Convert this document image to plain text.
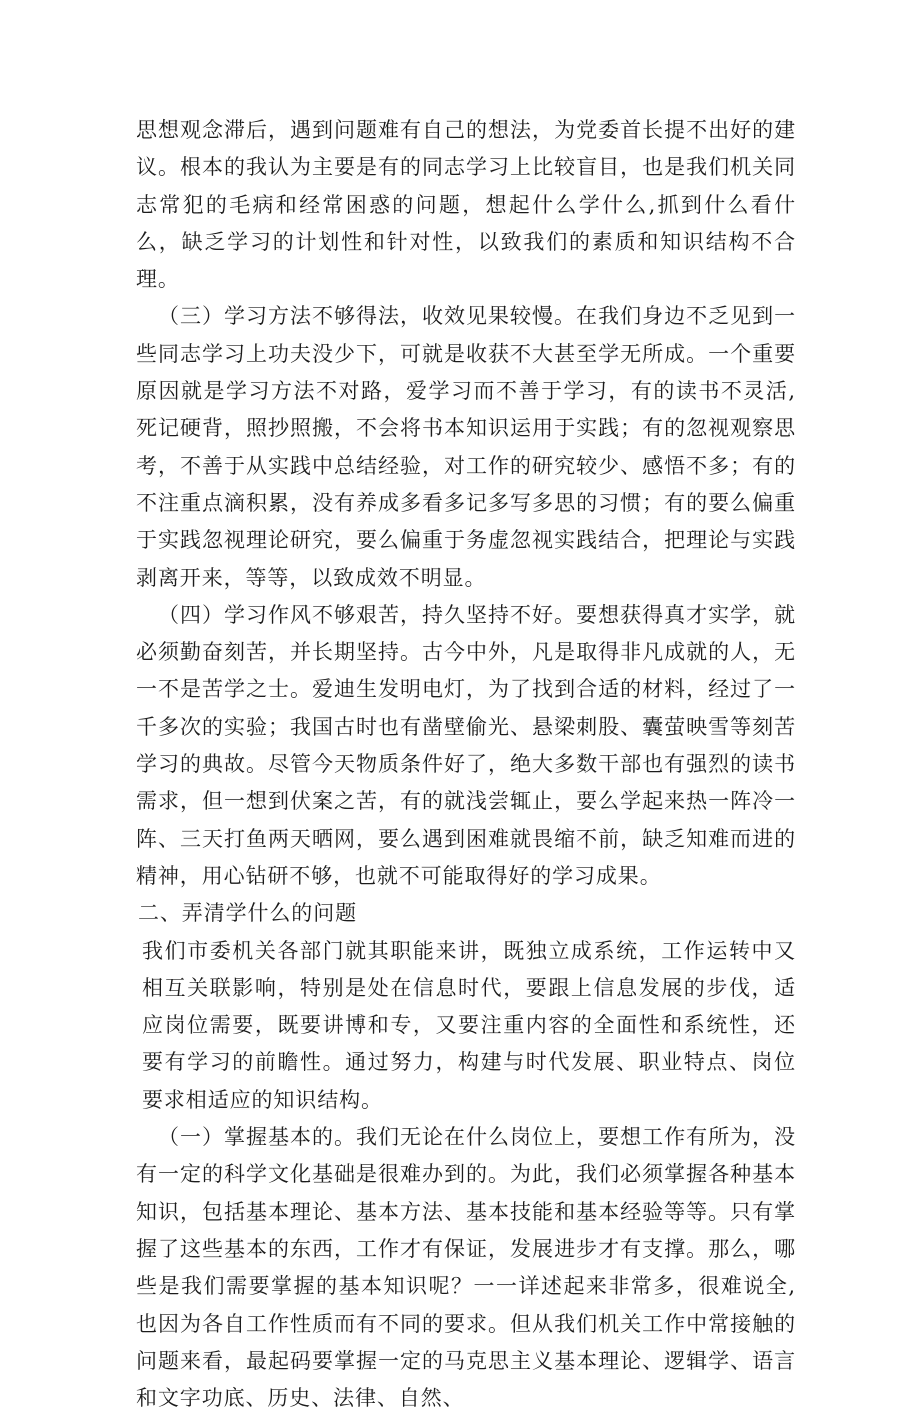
思想观念滞后，遇到问题难有自己的想法，为党委首长提不出好的建议。根本的我认为主要是有的同志学习上比较盲目，也是我们机关同志常犯的毛病和经常困惑的问题，想起什么学什么,抓到什么看什么，缺乏学习的计划性和针对性，以致我们的素质和知识结构不合理。

（三）学习方法不够得法，收效见果较慢。在我们身边不乏见到一些同志学习上功夫没少下，可就是收获不大甚至学无所成。一个重要原因就是学习方法不对路，爱学习而不善于学习，有的读书不灵活,死记硬背，照抄照搬，不会将书本知识运用于实践；有的忽视观察思考，不善于从实践中总结经验，对工作的研究较少、感悟不多；有的不注重点滴积累，没有养成多看多记多写多思的习惯；有的要么偏重于实践忽视理论研究，要么偏重于务虚忽视实践结合，把理论与实践剥离开来，等等，以致成效不明显。

（四）学习作风不够艰苦，持久坚持不好。要想获得真才实学，就必须勤奋刻苦，并长期坚持。古今中外，凡是取得非凡成就的人，无一不是苦学之士。爱迪生发明电灯，为了找到合适的材料，经过了一千多次的实验；我国古时也有凿壁偷光、悬梁刺股、囊萤映雪等刻苦学习的典故。尽管今天物质条件好了，绝大多数干部也有强烈的读书需求，但一想到伏案之苦，有的就浅尝辄止，要么学起来热一阵冷一阵、三天打鱼两天晒网，要么遇到困难就畏缩不前，缺乏知难而进的精神，用心钻研不够，也就不可能取得好的学习成果。

二、弄清学什么的问题

我们市委机关各部门就其职能来讲，既独立成系统，工作运转中又相互关联影响，特别是处在信息时代，要跟上信息发展的步伐，适应岗位需要，既要讲博和专，又要注重内容的全面性和系统性，还要有学习的前瞻性。通过努力，构建与时代发展、职业特点、岗位要求相适应的知识结构。

（一）掌握基本的。我们无论在什么岗位上，要想工作有所为，没有一定的科学文化基础是很难办到的。为此，我们必须掌握各种基本知识，包括基本理论、基本方法、基本技能和基本经验等等。只有掌握了这些基本的东西，工作才有保证，发展进步才有支撑。那么，哪些是我们需要掌握的基本知识呢？一一详述起来非常多，很难说全,也因为各自工作性质而有不同的要求。但从我们机关工作中常接触的问题来看，最起码要掌握一定的马克思主义基本理论、逻辑学、语言和文字功底、历史、法律、自然、
